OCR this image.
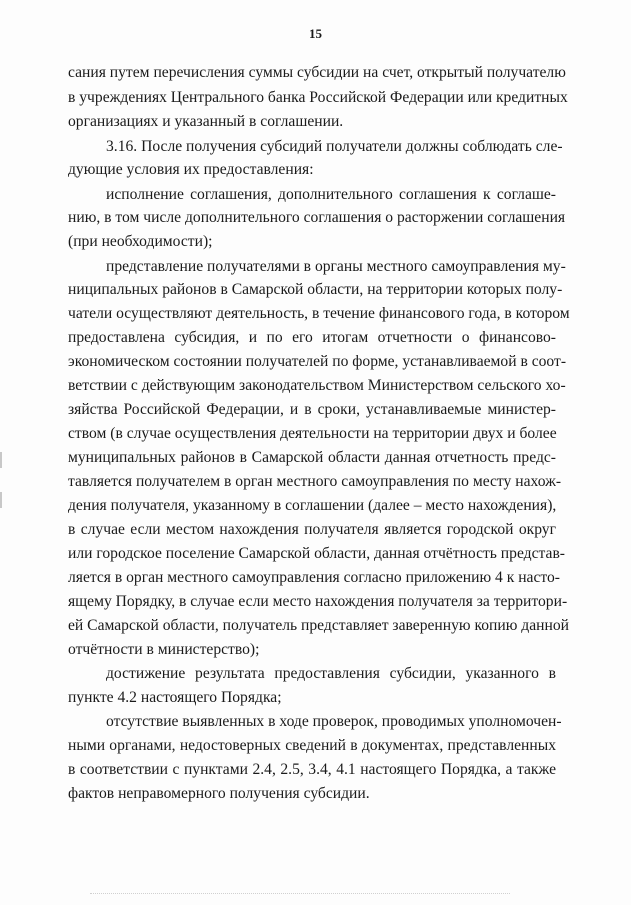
15
сания путем перечисления суммы субсидии на счет, открытый получателю
в учреждениях Центрального банка Российской Федерации или кредитных
организациях и указанный в соглашении.
3.16. После получения субсидий получатели должны соблюдать сле-
дующие условия их предоставления:
исполнение соглашения, дополнительного соглашения к соглаше-
нию, в том числе дополнительного соглашения о расторжении соглашения
(при необходимости);
представление получателями в органы местного самоуправления му-
ниципальных районов в Самарской области, на территории которых полу-
чатели осуществляют деятельность, в течение финансового года, в котором
предоставлена субсидия, и по его итогам отчетности о финансово-
экономическом состоянии получателей по форме, устанавливаемой в соот-
ветствии с действующим законодательством Министерством сельского хо-
зяйства Российской Федерации, и в сроки, устанавливаемые министер-
ством (в случае осуществления деятельности на территории двух и более
муниципальных районов в Самарской области данная отчетность предс-
тавляется получателем в орган местного самоуправления по месту нахож-
дения получателя, указанному в соглашении (далее – место нахождения),
в случае если местом нахождения получателя является городской округ
или городское поселение Самарской области, данная отчётность представ-
ляется в орган местного самоуправления согласно приложению 4 к насто-
ящему Порядку, в случае если место нахождения получателя за территори-
ей Самарской области, получатель представляет заверенную копию данной
отчётности в министерство);
достижение результата предоставления субсидии, указанного в
пункте 4.2 настоящего Порядка;
отсутствие выявленных в ходе проверок, проводимых уполномочен-
ными органами, недостоверных сведений в документах, представленных
в соответствии с пунктами 2.4, 2.5, 3.4, 4.1 настоящего Порядка, а также
фактов неправомерного получения субсидии.
